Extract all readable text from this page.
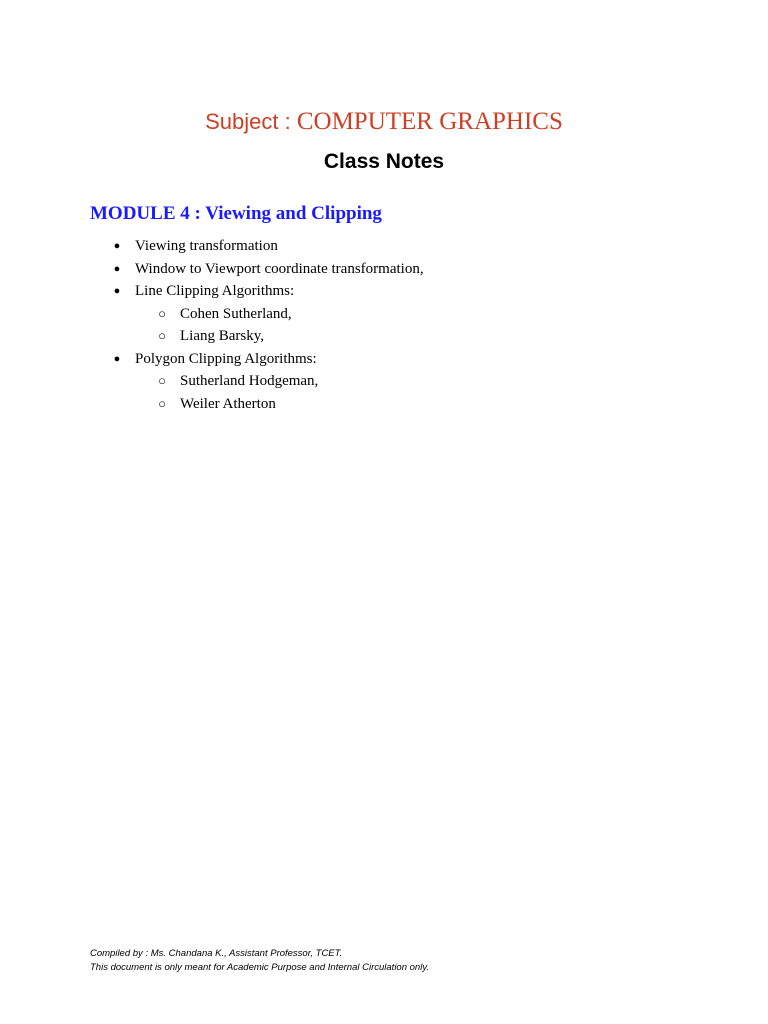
Subject : COMPUTER GRAPHICS
Class Notes
MODULE 4 : Viewing and Clipping
● Viewing transformation
● Window to Viewport coordinate transformation,
● Line Clipping Algorithms:
○ Cohen Sutherland,
○ Liang Barsky,
● Polygon Clipping Algorithms:
○ Sutherland Hodgeman,
○ Weiler Atherton
Compiled by : Ms. Chandana K., Assistant Professor, TCET.
This document is only meant for Academic Purpose and Internal Circulation only.
